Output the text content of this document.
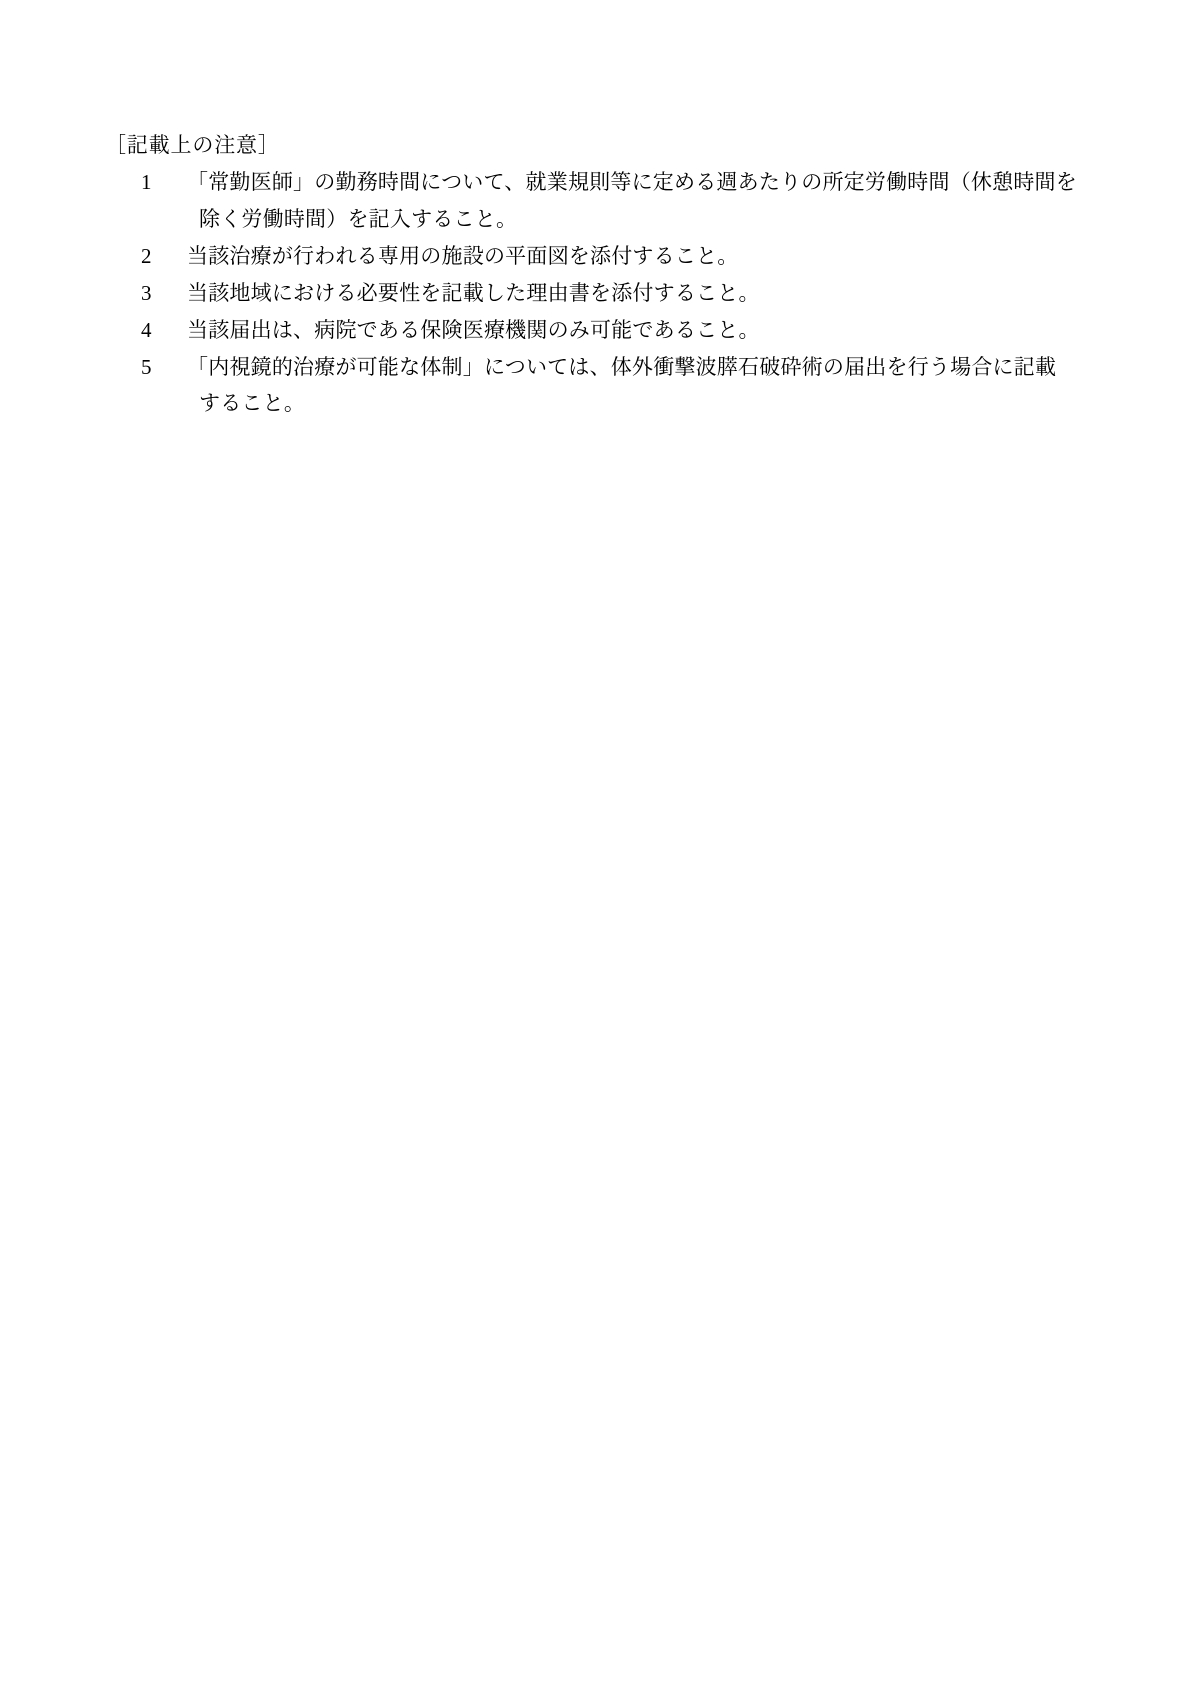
［記載上の注意］

1	「常勤医師」の勤務時間について、就業規則等に定める週あたりの所定労働時間（休憩時間を
除く労働時間）を記入すること。
2	当該治療が行われる専用の施設の平面図を添付すること。
3	当該地域における必要性を記載した理由書を添付すること。
4	当該届出は、病院である保険医療機関のみ可能であること。
5	「内視鏡的治療が可能な体制」については、体外衝撃波膵石破砕術の届出を行う場合に記載
すること。
